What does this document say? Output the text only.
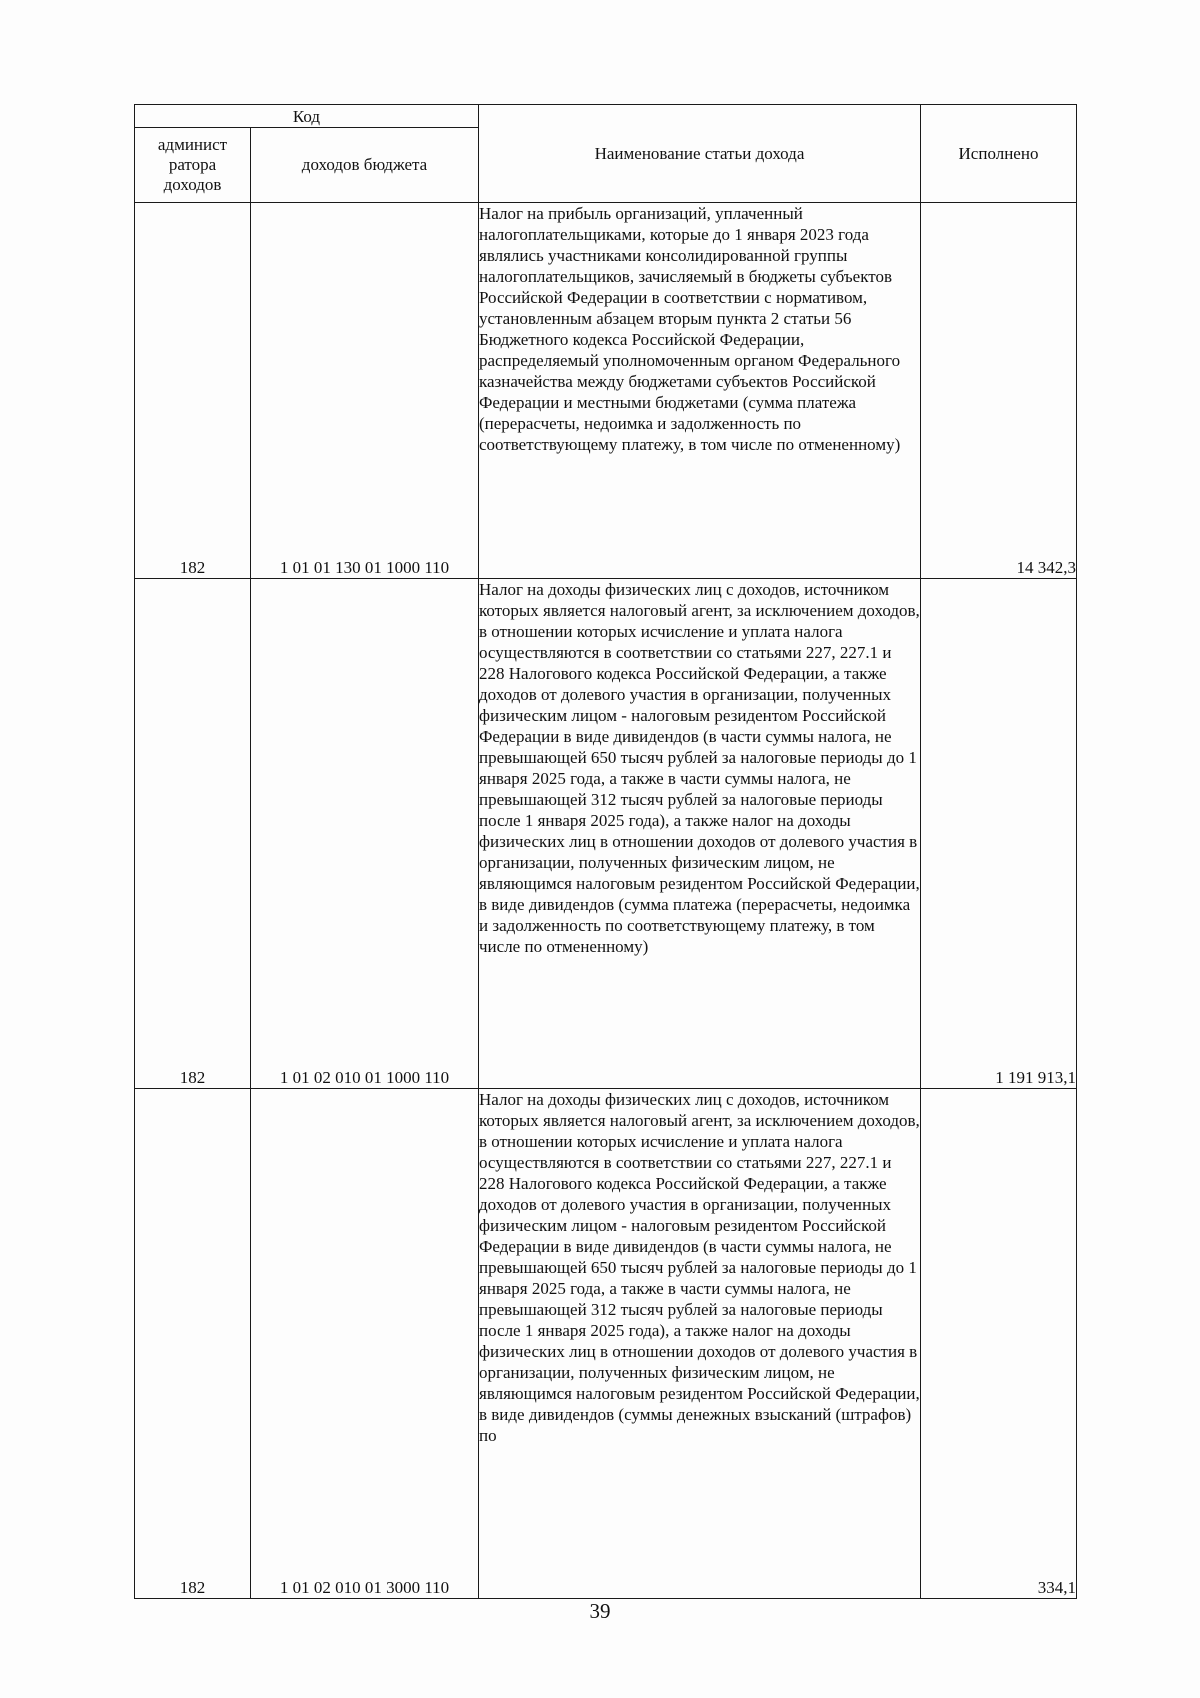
Код		Наименование статьи дохода	Исполнено
админист
ратора
доходов	доходов бюджета		
182	1 01 01 130 01 1000 110	Налог на прибыль организаций, уплаченный налогоплательщиками, которые до 1 января 2023 года являлись участниками консолидированной группы налогоплательщиков, зачисляемый в бюджеты субъектов Российской Федерации в соответствии с нормативом, установленным абзацем вторым пункта 2 статьи 56 Бюджетного кодекса Российской Федерации, распределяемый уполномоченным органом Федерального казначейства между бюджетами субъектов Российской Федерации и местными бюджетами (сумма платежа (перерасчеты, недоимка и задолженность по соответствующему платежу, в том числе по отмененному)	14 342,3
182	1 01 02 010 01 1000 110	Налог на доходы физических лиц с доходов, источником которых является налоговый агент, за исключением доходов, в отношении которых исчисление и уплата налога осуществляются в соответствии со статьями 227, 227.1 и 228 Налогового кодекса Российской Федерации, а также доходов от долевого участия в организации, полученных физическим лицом - налоговым резидентом Российской Федерации в виде дивидендов (в части суммы налога, не превышающей 650 тысяч рублей за налоговые периоды до 1 января 2025 года, а также в части суммы налога, не превышающей 312 тысяч рублей за налоговые периоды после 1 января 2025 года), а также налог на доходы физических лиц в отношении доходов от долевого участия в организации, полученных физическим лицом, не являющимся налоговым резидентом Российской Федерации, в виде дивидендов (сумма платежа (перерасчеты, недоимка и задолженность по соответствующему платежу, в том числе по отмененному)	1 191 913,1
182	1 01 02 010 01 3000 110	Налог на доходы физических лиц с доходов, источником которых является налоговый агент, за исключением доходов, в отношении которых исчисление и уплата налога осуществляются в соответствии со статьями 227, 227.1 и 228 Налогового кодекса Российской Федерации, а также доходов от долевого участия в организации, полученных физическим лицом - налоговым резидентом Российской Федерации в виде дивидендов (в части суммы налога, не превышающей 650 тысяч рублей за налоговые периоды до 1 января 2025 года, а также в части суммы налога, не превышающей 312 тысяч рублей за налоговые периоды после 1 января 2025 года), а также налог на доходы физических лиц в отношении доходов от долевого участия в организации, полученных физическим лицом, не являющимся налоговым резидентом Российской Федерации, в виде дивидендов (суммы денежных взысканий (штрафов) по	334,1
39
